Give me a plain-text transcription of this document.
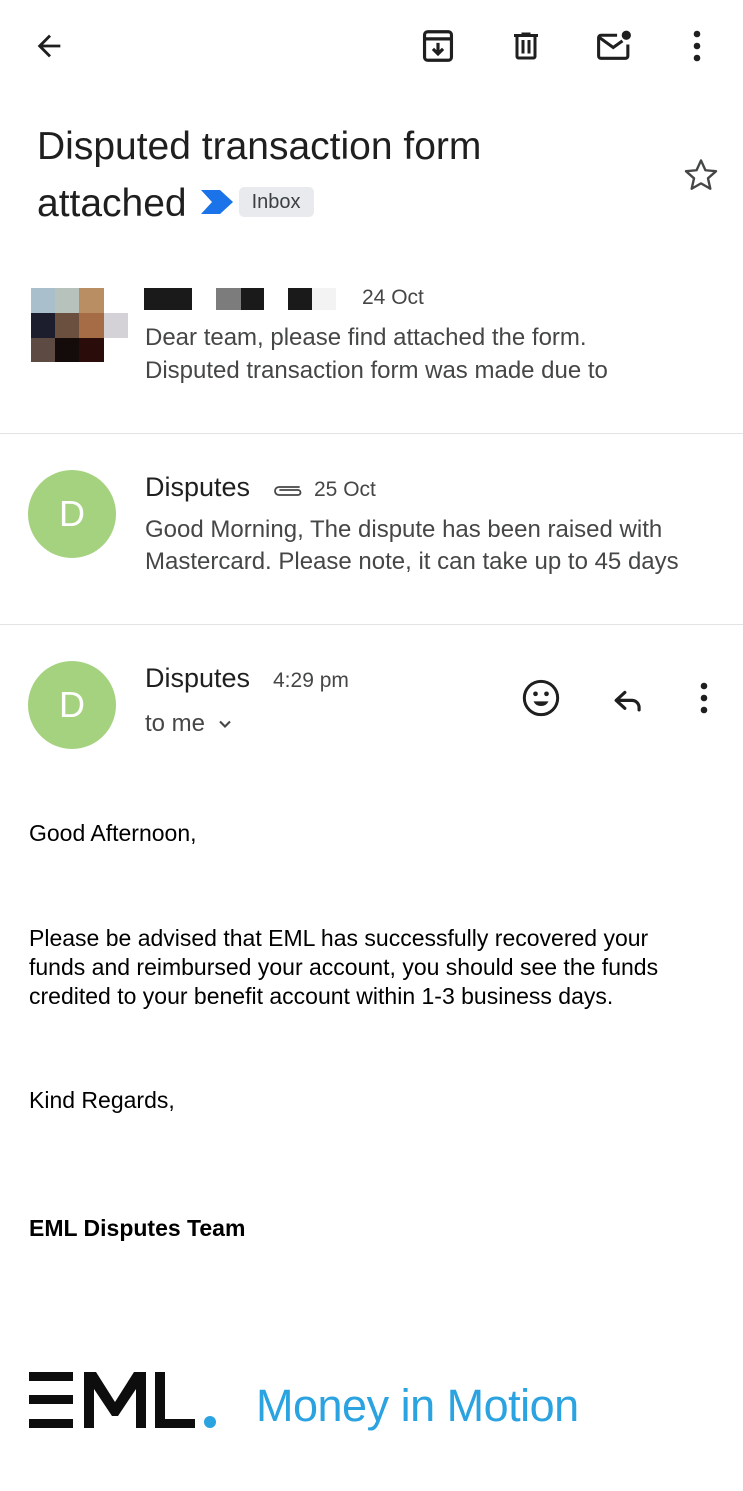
Disputed transaction form
attached	Inbox
24 Oct
Dear team, please find attached the form.
Disputed transaction form was made due to
D
Disputes	25 Oct
Good Morning, The dispute has been raised with
Mastercard. Please note, it can take up to 45 days
D
Disputes 4:29 pm
to me
Good Afternoon,
Please be advised that EML has successfully recovered your
funds and reimbursed your account, you should see the funds
credited to your benefit account within 1-3 business days.
Kind Regards,
EML Disputes Team
Money in Motion
